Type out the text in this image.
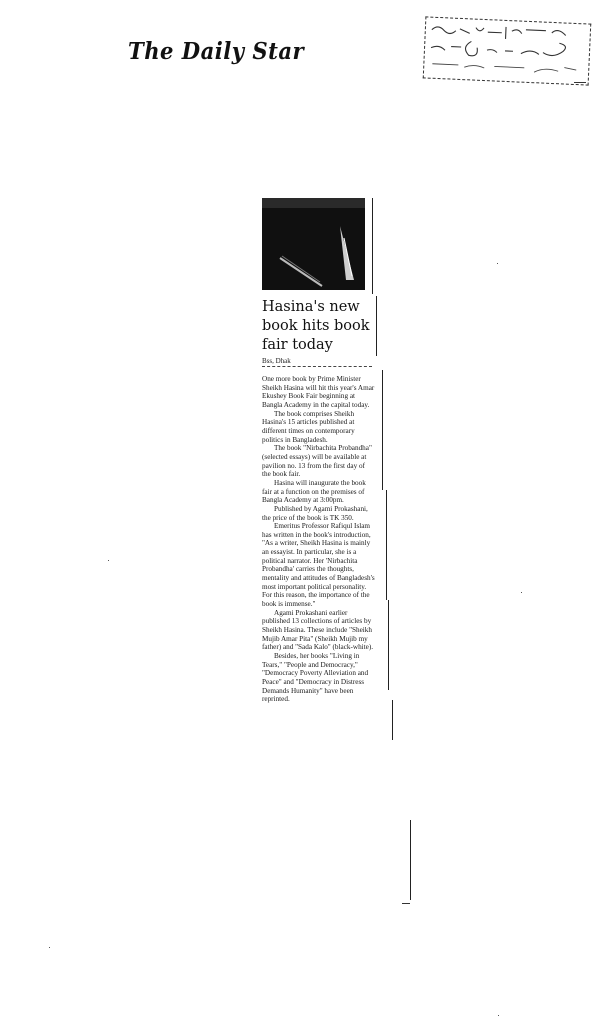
The Daily Star
Hasina's new book hits book fair today
Bss, Dhak

One more book by Prime Minister Sheikh Hasina will hit this year's Amar Ekushey Book Fair beginning at Bangla Academy in the capital today.

The book comprises Sheikh Hasina's 15 articles published at different times on contemporary politics in Bangladesh.

The book "Nirbachita Probandha" (selected essays) will be available at pavilion no. 13 from the first day of the book fair.

Hasina will inaugurate the book fair at a function on the premises of Bangla Academy at 3:00pm.

Published by Agami Prokashani, the price of the book is TK 350.

Emeritus Professor Rafiqul Islam has written in the book's introduction, "As a writer, Sheikh Hasina is mainly an essayist. In particular, she is a political narrator. Her 'Nirbachita Probandha' carries the thoughts, mentality and attitudes of Bangladesh's most important political personality. For this reason, the importance of the book is immense."

Agami Prokashani earlier published 13 collections of articles by Sheikh Hasina. These include "Sheikh Mujib Amar Pita" (Sheikh Mujib my father) and "Sada Kalo" (black-white).

Besides, her books "Living in Tears," "People and Democracy," "Democracy Poverty Alleviation and Peace" and "Democracy in Distress Demands Humanity" have been reprinted.
